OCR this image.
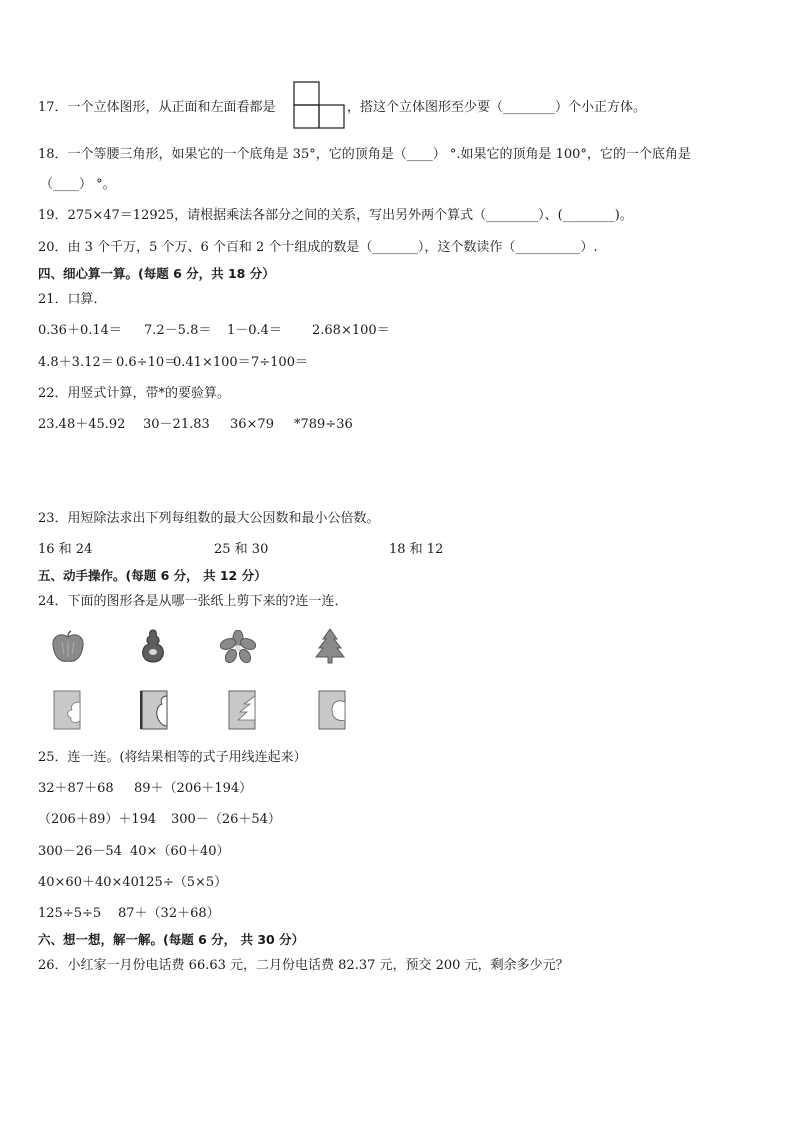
17．一个立体图形，从正面和左面看都是	，搭这个立体图形至少要（________）个小正方体。
18．一个等腰三角形，如果它的一个底角是 35°，它的顶角是（____） °.如果它的顶角是 100°，它的一个底角是
（____） °。
19．275×47＝12925，请根据乘法各部分之间的关系，写出另外两个算式（________）、(________)。
20．由 3 个千万，5 个万、6 个百和 2 个十组成的数是（_______），这个数读作（__________）.
四、细心算一算。(每题 6 分，共 18 分）
21．口算．
0.36＋0.14＝ 7.2－5.8＝ 1－0.4＝ 2.68×100＝
4.8＋3.12＝ 0.6÷10＝0.41×100＝7÷100＝
22．用竖式计算，带*的要验算。
23.48＋45.92 30－21.83 36×79 *789÷36
23．用短除法求出下列每组数的最大公因数和最小公倍数。
16 和 24	25 和 30	18 和 12
五、动手操作。(每题 6 分， 共 12 分）
24．下面的图形各是从哪一张纸上剪下来的?连一连．
25．连一连。(将结果相等的式子用线连起来）
32＋87＋68 89＋（206＋194）
（206＋89）＋194 300－（26＋54）
300－26－54 40×（60＋40）
40×60＋40×40125÷（5×5）
125÷5÷5 87＋（32＋68）
六、想一想，解一解。(每题 6 分， 共 30 分）
26．小红家一月份电话费 66.63 元，二月份电话费 82.37 元，预交 200 元，剩余多少元？
